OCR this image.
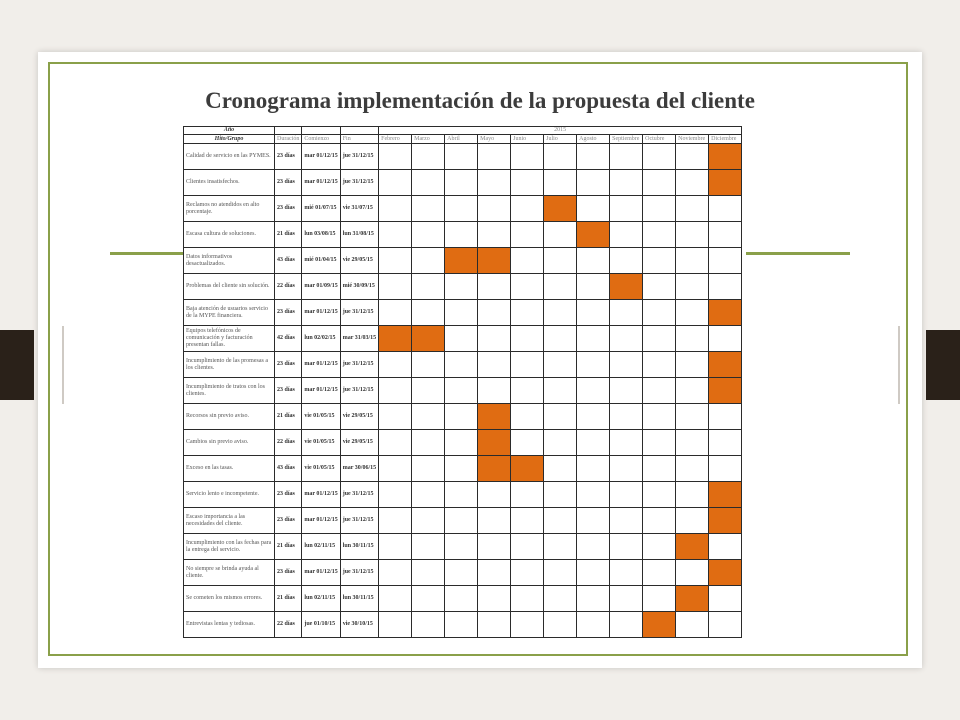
Cronograma implementación de la propuesta del cliente
Año				2015										
Hito/Grupo	Duración	Comienzo	Fin	Febrero	Marzo	Abril	Mayo	Junio	Julio	Agosto	Septiembre	Octubre	Noviembre	Diciembre
Calidad de servicio en las PYMES.	23 días	mar 01/12/15	jue 31/12/15											
Clientes insatisfechos.	23 días	mar 01/12/15	jue 31/12/15											
Reclamos no atendidos en alto porcentaje.	23 días	mié 01/07/15	vie 31/07/15											
Escasa cultura de soluciones.	21 días	lun 03/08/15	lun 31/08/15											
Datos informativos desactualizados.	43 días	mié 01/04/15	vie 29/05/15											
Problemas del cliente sin solución.	22 días	mar 01/09/15	mié 30/09/15											
Baja atención de usuarios servicio de la MYPE financiera.	23 días	mar 01/12/15	jue 31/12/15											
Equipos telefónicos de comunicación y facturación presentan fallas.	42 días	lun 02/02/15	mar 31/03/15											
Incumplimiento de las promesas a los clientes.	23 días	mar 01/12/15	jue 31/12/15											
Incumplimiento de tratos con los clientes.	23 días	mar 01/12/15	jue 31/12/15											
Recorsos sin previo aviso.	21 días	vie 01/05/15	vie 29/05/15											
Cambios sin previo aviso.	22 días	vie 01/05/15	vie 29/05/15											
Exceso en las tasas.	43 días	vie 01/05/15	mar 30/06/15											
Servicio lento e incompetente.	23 días	mar 01/12/15	jue 31/12/15											
Escaso importancia a las necesidades del cliente.	23 días	mar 01/12/15	jue 31/12/15											
Incumplimiento con las fechas para la entrega del servicio.	21 días	lun 02/11/15	lun 30/11/15											
No siempre se brinda ayuda al cliente.	23 días	mar 01/12/15	jue 31/12/15											
Se cometen los mismos errores.	21 días	lun 02/11/15	lun 30/11/15											
Entrevistas lentas y tediosas.	22 días	jue 01/10/15	vie 30/10/15											
